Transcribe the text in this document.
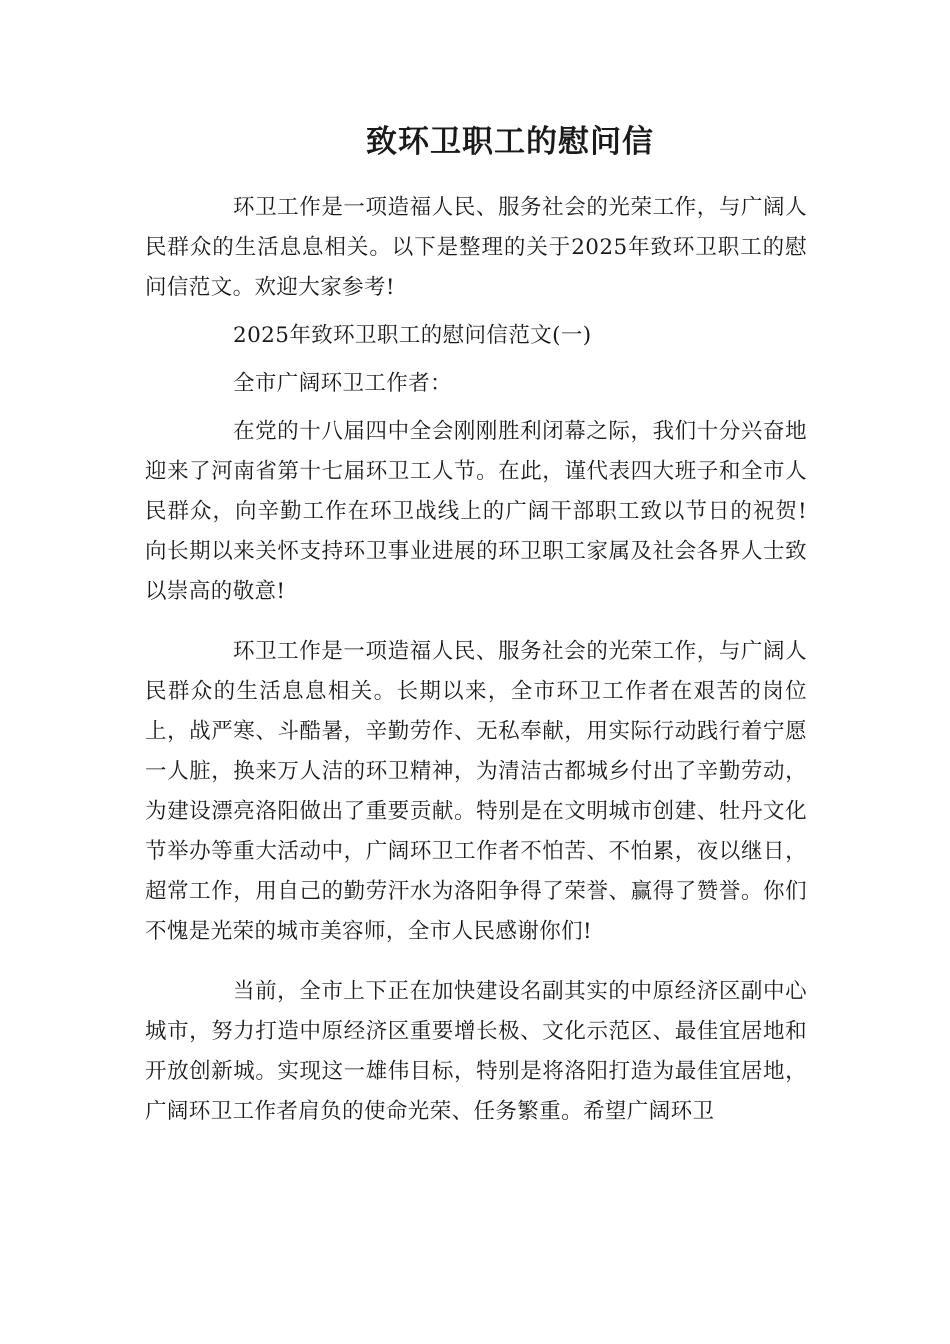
致环卫职工的慰问信

环卫工作是一项造福人民、服务社会的光荣工作，与广阔人民群众的生活息息相关。以下是整理的关于2025年致环卫职工的慰问信范文。欢迎大家参考!

2025年致环卫职工的慰问信范文(一)

全市广阔环卫工作者：

在党的十八届四中全会刚刚胜利闭幕之际，我们十分兴奋地迎来了河南省第十七届环卫工人节。在此，谨代表四大班子和全市人民群众，向辛勤工作在环卫战线上的广阔干部职工致以节日的祝贺!向长期以来关怀支持环卫事业进展的环卫职工家属及社会各界人士致以崇高的敬意!

环卫工作是一项造福人民、服务社会的光荣工作，与广阔人民群众的生活息息相关。长期以来，全市环卫工作者在艰苦的岗位上，战严寒、斗酷暑，辛勤劳作、无私奉献，用实际行动践行着宁愿一人脏，换来万人洁的环卫精神，为清洁古都城乡付出了辛勤劳动，为建设漂亮洛阳做出了重要贡献。特别是在文明城市创建、牡丹文化节举办等重大活动中，广阔环卫工作者不怕苦、不怕累，夜以继日，超常工作，用自己的勤劳汗水为洛阳争得了荣誉、赢得了赞誉。你们不愧是光荣的城市美容师，全市人民感谢你们!

当前，全市上下正在加快建设名副其实的中原经济区副中心城市，努力打造中原经济区重要增长极、文化示范区、最佳宜居地和开放创新城。实现这一雄伟目标，特别是将洛阳打造为最佳宜居地，广阔环卫工作者肩负的使命光荣、任务繁重。希望广阔环卫
